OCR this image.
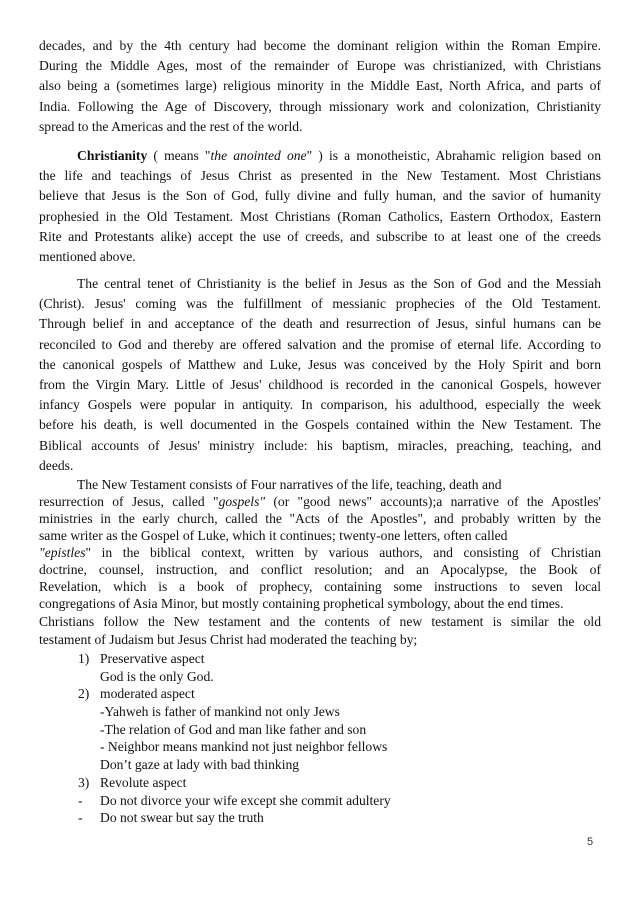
decades, and by the 4th century had become the dominant religion within the Roman Empire.
During the Middle Ages, most of the remainder of Europe was christianized, with Christians
also being a (sometimes large) religious minority in the Middle East, North Africa, and parts of
India. Following the Age of Discovery, through missionary work and colonization, Christianity
spread to the Americas and the rest of the world.
Christianity ( means "the anointed one" ) is a monotheistic, Abrahamic religion based on
the life and teachings of Jesus Christ as presented in the New Testament. Most Christians
believe that Jesus is the Son of God, fully divine and fully human, and the savior of humanity
prophesied in the Old Testament. Most Christians (Roman Catholics, Eastern Orthodox, Eastern
Rite and Protestants alike) accept the use of creeds, and subscribe to at least one of the creeds
mentioned above.
The central tenet of Christianity is the belief in Jesus as the Son of God and the Messiah
(Christ). Jesus' coming was the fulfillment of messianic prophecies of the Old Testament.
Through belief in and acceptance of the death and resurrection of Jesus, sinful humans can be
reconciled to God and thereby are offered salvation and the promise of eternal life. According to
the canonical gospels of Matthew and Luke, Jesus was conceived by the Holy Spirit and born
from the Virgin Mary. Little of Jesus' childhood is recorded in the canonical Gospels, however
infancy Gospels were popular in antiquity. In comparison, his adulthood, especially the week
before his death, is well documented in the Gospels contained within the New Testament. The
Biblical accounts of Jesus' ministry include: his baptism, miracles, preaching, teaching, and
deeds.
The New Testament consists of Four narratives of the life, teaching, death and
resurrection of Jesus, called "gospels" (or "good news" accounts);a narrative of the Apostles'
ministries in the early church, called the "Acts of the Apostles", and probably written by the
same writer as the Gospel of Luke, which it continues; twenty-one letters, often called
"epistles" in the biblical context, written by various authors, and consisting of Christian
doctrine, counsel, instruction, and conflict resolution; and an Apocalypse, the Book of
Revelation, which is a book of prophecy, containing some instructions to seven local
congregations of Asia Minor, but mostly containing prophetical symbology, about the end times.
Christians follow the New testament and the contents of new testament is similar the old
testament of Judaism but Jesus Christ had moderated the teaching by;
1) Preservative aspect
God is the only God.
2) moderated aspect
-Yahweh is father of mankind not only Jews
-The relation of God and man like father and son
- Neighbor means mankind not just neighbor fellows
Don’t gaze at lady with bad thinking
3) Revolute aspect
- Do not divorce your wife except she commit adultery
- Do not swear but say the truth
5
